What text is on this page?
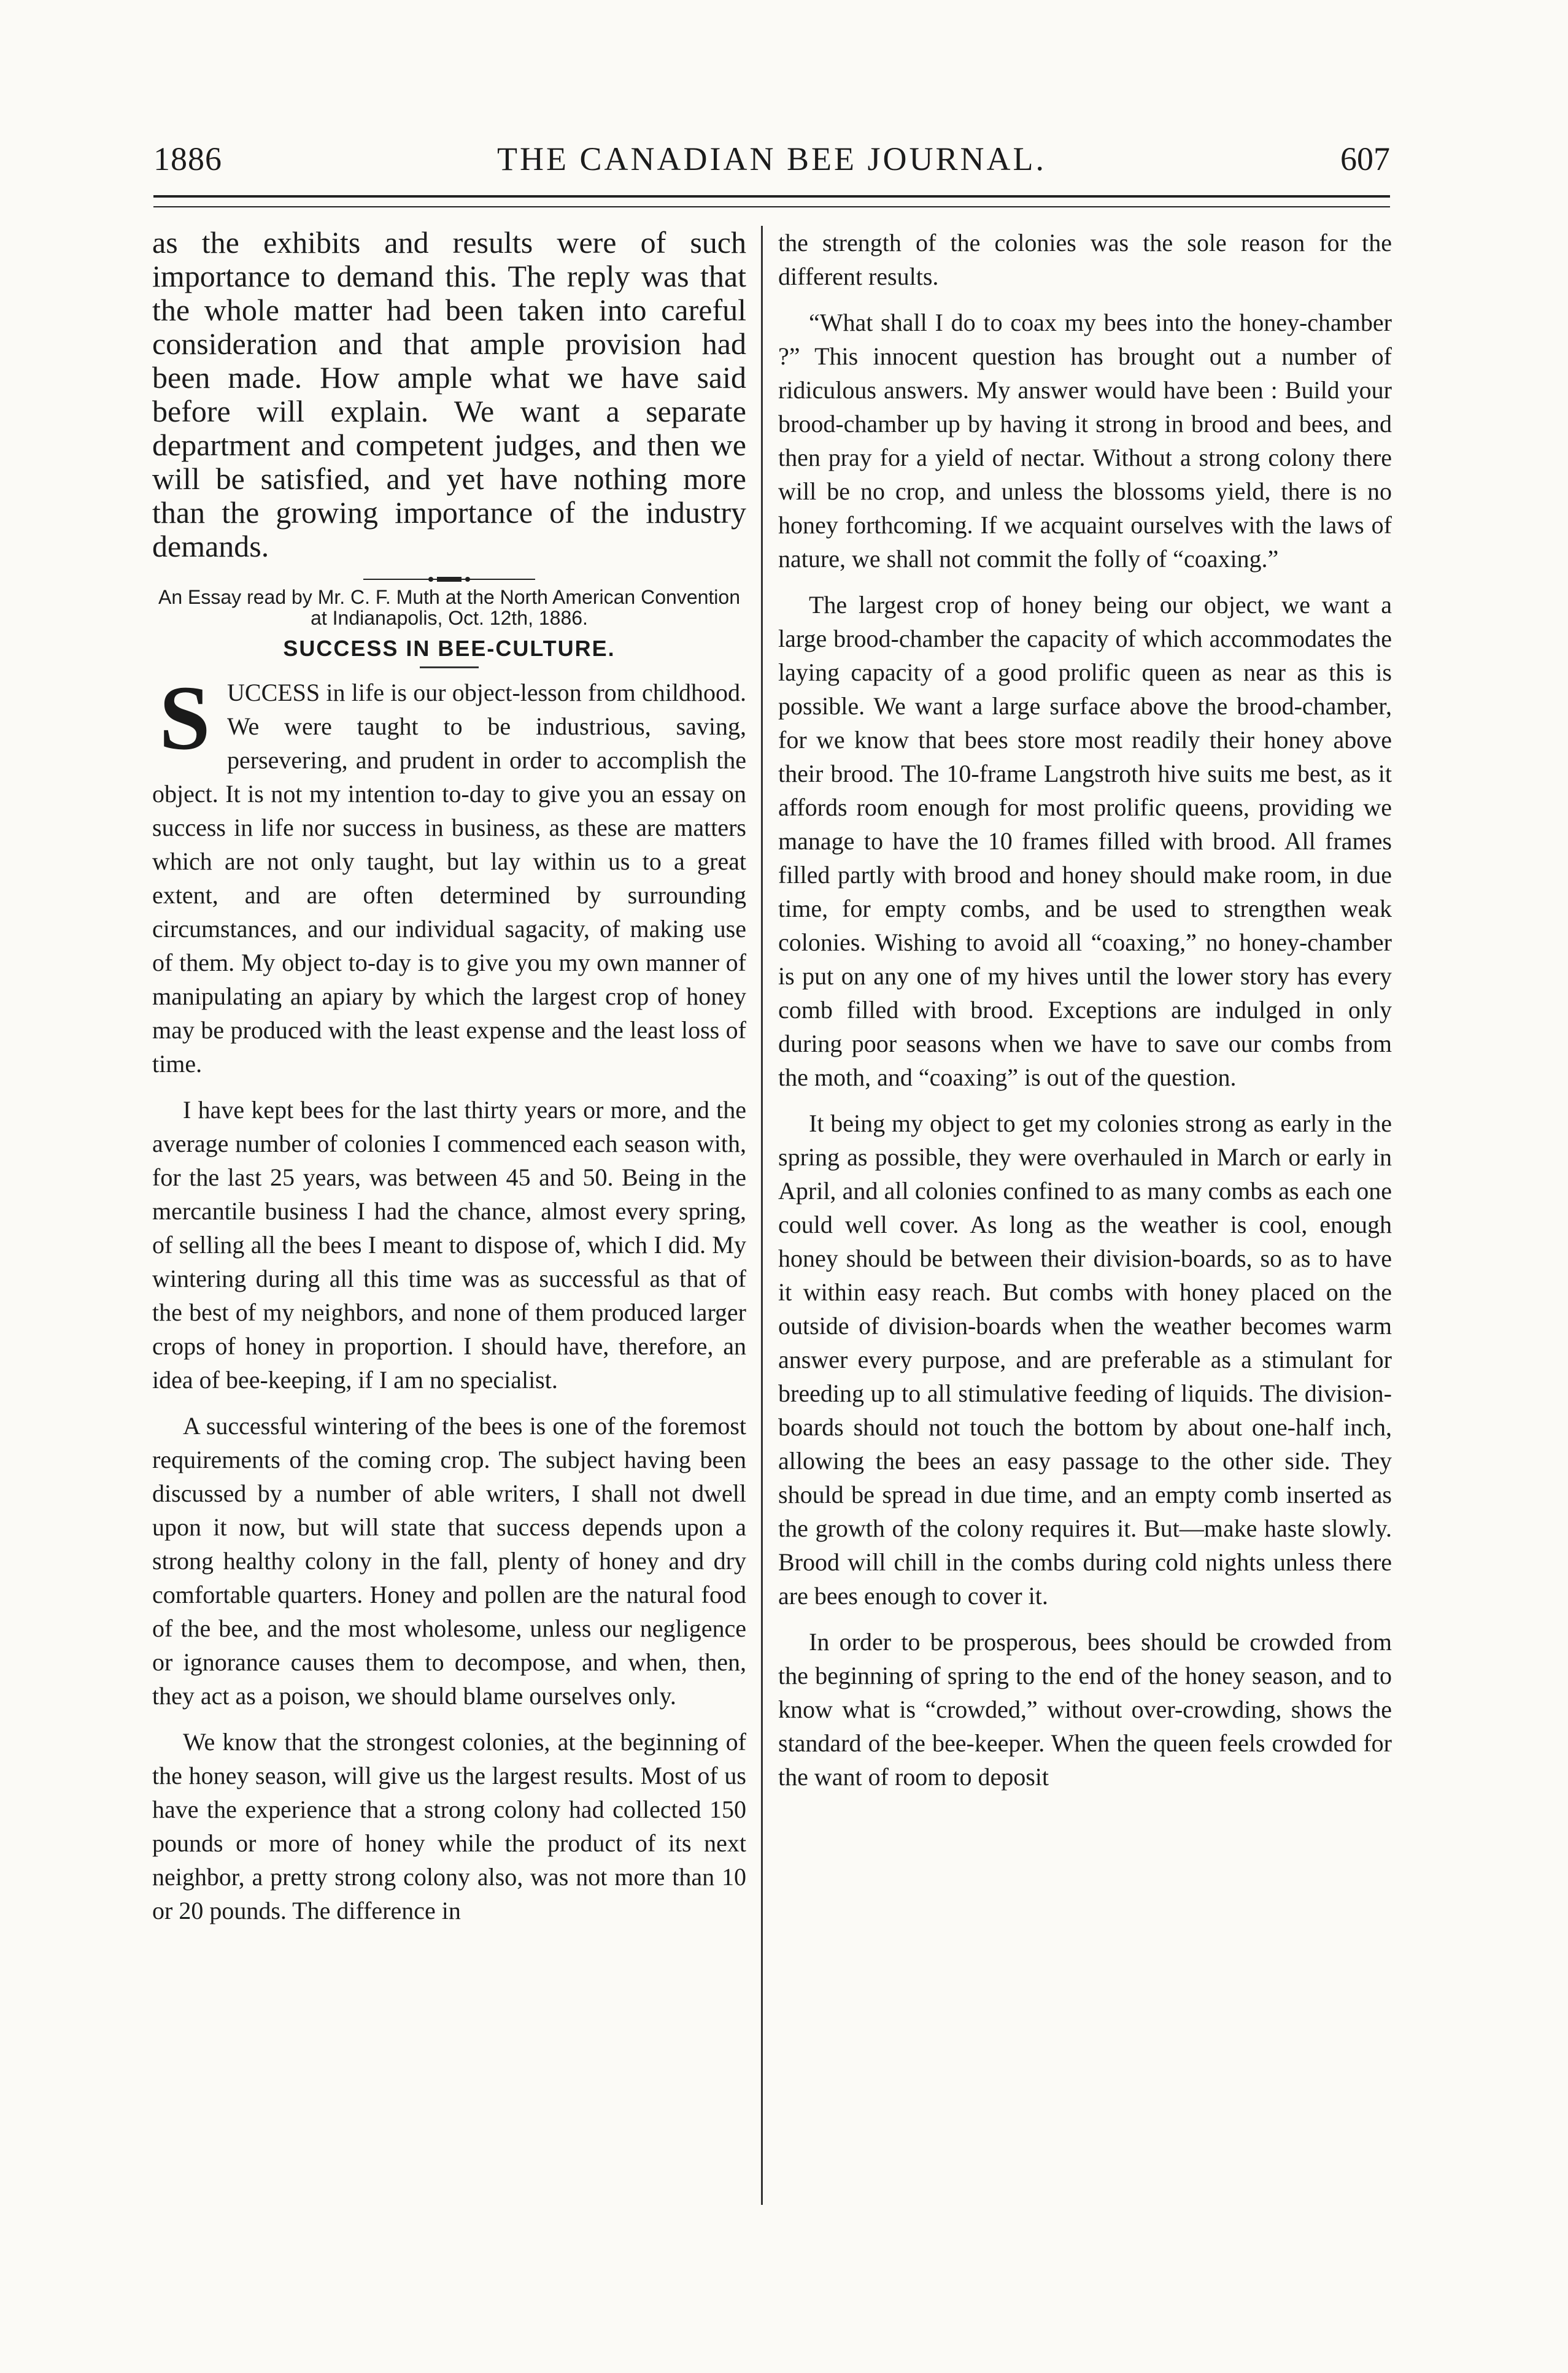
1886	THE CANADIAN BEE JOURNAL.	607

as the exhibits and results were of such importance to demand this. The reply was that the whole matter had been taken into careful consideration and that ample provision had been made. How ample what we have said before will explain. We want a separate department and competent judges, and then we will be satisfied, and yet have nothing more than the growing importance of the industry demands.

An Essay read by Mr. C. F. Muth at the North American Convention at Indianapolis, Oct. 12th, 1886.

SUCCESS IN BEE-CULTURE.

SUCCESS in life is our object-lesson from childhood. We were taught to be industrious, saving, persevering, and prudent in order to accomplish the object. It is not my intention to-day to give you an essay on success in life nor success in business, as these are matters which are not only taught, but lay within us to a great extent, and are often determined by surrounding circumstances, and our individual sagacity, of making use of them. My object to-day is to give you my own manner of manipulating an apiary by which the largest crop of honey may be produced with the least expense and the least loss of time.

I have kept bees for the last thirty years or more, and the average number of colonies I commenced each season with, for the last 25 years, was between 45 and 50. Being in the mercantile business I had the chance, almost every spring, of selling all the bees I meant to dispose of, which I did. My wintering during all this time was as successful as that of the best of my neighbors, and none of them produced larger crops of honey in proportion. I should have, therefore, an idea of bee-keeping, if I am no specialist.

A successful wintering of the bees is one of the foremost requirements of the coming crop. The subject having been discussed by a number of able writers, I shall not dwell upon it now, but will state that success depends upon a strong healthy colony in the fall, plenty of honey and dry comfortable quarters. Honey and pollen are the natural food of the bee, and the most wholesome, unless our negligence or ignorance causes them to decompose, and when, then, they act as a poison, we should blame ourselves only.

We know that the strongest colonies, at the beginning of the honey season, will give us the largest results. Most of us have the experience that a strong colony had collected 150 pounds or more of honey while the product of its next neighbor, a pretty strong colony also, was not more than 10 or 20 pounds. The difference in

the strength of the colonies was the sole reason for the different results.

“What shall I do to coax my bees into the honey-chamber ?” This innocent question has brought out a number of ridiculous answers. My answer would have been : Build your brood-chamber up by having it strong in brood and bees, and then pray for a yield of nectar. Without a strong colony there will be no crop, and unless the blossoms yield, there is no honey forthcoming. If we acquaint ourselves with the laws of nature, we shall not commit the folly of “coaxing.”

The largest crop of honey being our object, we want a large brood-chamber the capacity of which accommodates the laying capacity of a good prolific queen as near as this is possible. We want a large surface above the brood-chamber, for we know that bees store most readily their honey above their brood. The 10-frame Langstroth hive suits me best, as it affords room enough for most prolific queens, providing we manage to have the 10 frames filled with brood. All frames filled partly with brood and honey should make room, in due time, for empty combs, and be used to strengthen weak colonies. Wishing to avoid all “coaxing,” no honey-chamber is put on any one of my hives until the lower story has every comb filled with brood. Exceptions are indulged in only during poor seasons when we have to save our combs from the moth, and “coaxing” is out of the question.

It being my object to get my colonies strong as early in the spring as possible, they were overhauled in March or early in April, and all colonies confined to as many combs as each one could well cover. As long as the weather is cool, enough honey should be between their division-boards, so as to have it within easy reach. But combs with honey placed on the outside of division-boards when the weather becomes warm answer every purpose, and are preferable as a stimulant for breeding up to all stimulative feeding of liquids. The division-boards should not touch the bottom by about one-half inch, allowing the bees an easy passage to the other side. They should be spread in due time, and an empty comb inserted as the growth of the colony requires it. But—make haste slowly. Brood will chill in the combs during cold nights unless there are bees enough to cover it.

In order to be prosperous, bees should be crowded from the beginning of spring to the end of the honey season, and to know what is “crowded,” without over-crowding, shows the standard of the bee-keeper. When the queen feels crowded for the want of room to deposit
